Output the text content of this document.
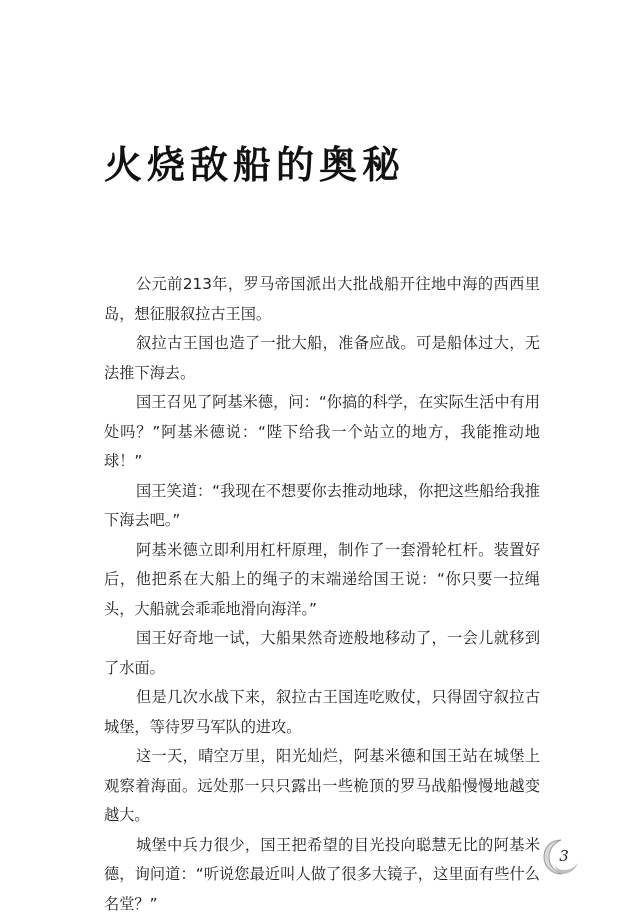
火烧敌船的奥秘

公元前213年，罗马帝国派出大批战船开往地中海的西西里岛，想征服叙拉古王国。

叙拉古王国也造了一批大船，准备应战。可是船体过大，无法推下海去。

国王召见了阿基米德，问：“你搞的科学，在实际生活中有用处吗？”阿基米德说：“陛下给我一个站立的地方，我能推动地球！”

国王笑道：“我现在不想要你去推动地球，你把这些船给我推下海去吧。”

阿基米德立即利用杠杆原理，制作了一套滑轮杠杆。装置好后，他把系在大船上的绳子的末端递给国王说：“你只要一拉绳头，大船就会乖乖地滑向海洋。”

国王好奇地一试，大船果然奇迹般地移动了，一会儿就移到了水面。

但是几次水战下来，叙拉古王国连吃败仗，只得固守叙拉古城堡，等待罗马军队的进攻。

这一天，晴空万里，阳光灿烂，阿基米德和国王站在城堡上观察着海面。远处那一只只露出一些桅顶的罗马战船慢慢地越变越大。

城堡中兵力很少，国王把希望的目光投向聪慧无比的阿基米德，询问道：“听说您最近叫人做了很多大镜子，这里面有些什么名堂？”

3
